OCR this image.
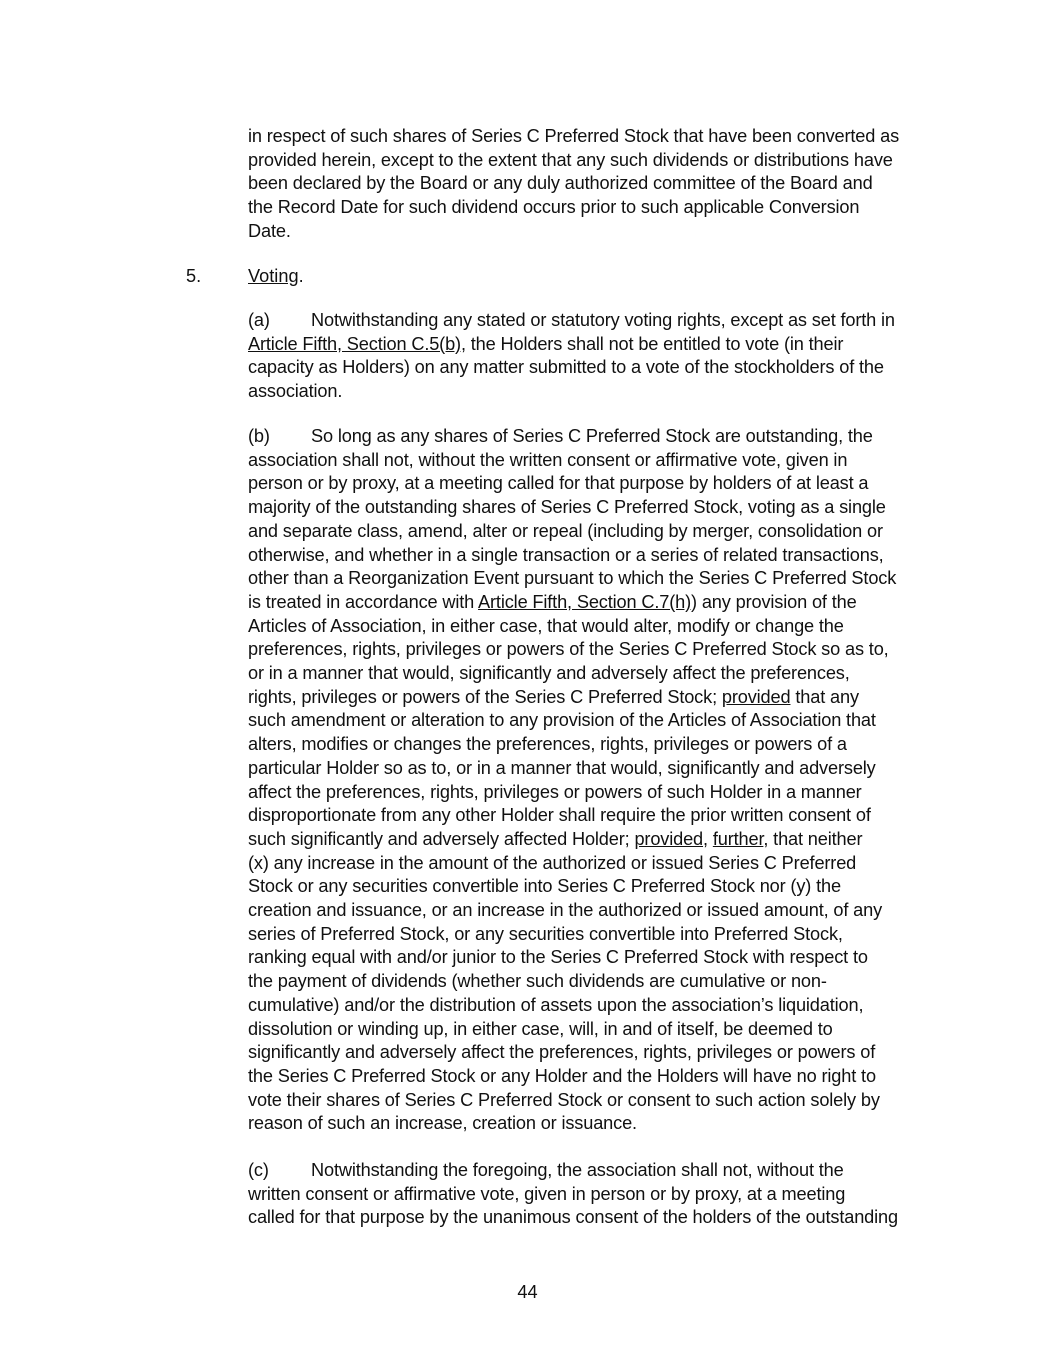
in respect of such shares of Series C Preferred Stock that have been converted as
provided herein, except to the extent that any such dividends or distributions have
been declared by the Board or any duly authorized committee of the Board and
the Record Date for such dividend occurs prior to such applicable Conversion
Date.
5.	Voting.
(a) Notwithstanding any stated or statutory voting rights, except as set forth in
Article Fifth, Section C.5(b), the Holders shall not be entitled to vote (in their
capacity as Holders) on any matter submitted to a vote of the stockholders of the
association.
(b) So long as any shares of Series C Preferred Stock are outstanding, the
association shall not, without the written consent or affirmative vote, given in
person or by proxy, at a meeting called for that purpose by holders of at least a
majority of the outstanding shares of Series C Preferred Stock, voting as a single
and separate class, amend, alter or repeal (including by merger, consolidation or
otherwise, and whether in a single transaction or a series of related transactions,
other than a Reorganization Event pursuant to which the Series C Preferred Stock
is treated in accordance with Article Fifth, Section C.7(h)) any provision of the
Articles of Association, in either case, that would alter, modify or change the
preferences, rights, privileges or powers of the Series C Preferred Stock so as to,
or in a manner that would, significantly and adversely affect the preferences,
rights, privileges or powers of the Series C Preferred Stock; provided that any
such amendment or alteration to any provision of the Articles of Association that
alters, modifies or changes the preferences, rights, privileges or powers of a
particular Holder so as to, or in a manner that would, significantly and adversely
affect the preferences, rights, privileges or powers of such Holder in a manner
disproportionate from any other Holder shall require the prior written consent of
such significantly and adversely affected Holder; provided, further, that neither
(x) any increase in the amount of the authorized or issued Series C Preferred
Stock or any securities convertible into Series C Preferred Stock nor (y) the
creation and issuance, or an increase in the authorized or issued amount, of any
series of Preferred Stock, or any securities convertible into Preferred Stock,
ranking equal with and/or junior to the Series C Preferred Stock with respect to
the payment of dividends (whether such dividends are cumulative or non-
cumulative) and/or the distribution of assets upon the association’s liquidation,
dissolution or winding up, in either case, will, in and of itself, be deemed to
significantly and adversely affect the preferences, rights, privileges or powers of
the Series C Preferred Stock or any Holder and the Holders will have no right to
vote their shares of Series C Preferred Stock or consent to such action solely by
reason of such an increase, creation or issuance.
(c) Notwithstanding the foregoing, the association shall not, without the
written consent or affirmative vote, given in person or by proxy, at a meeting
called for that purpose by the unanimous consent of the holders of the outstanding
44
